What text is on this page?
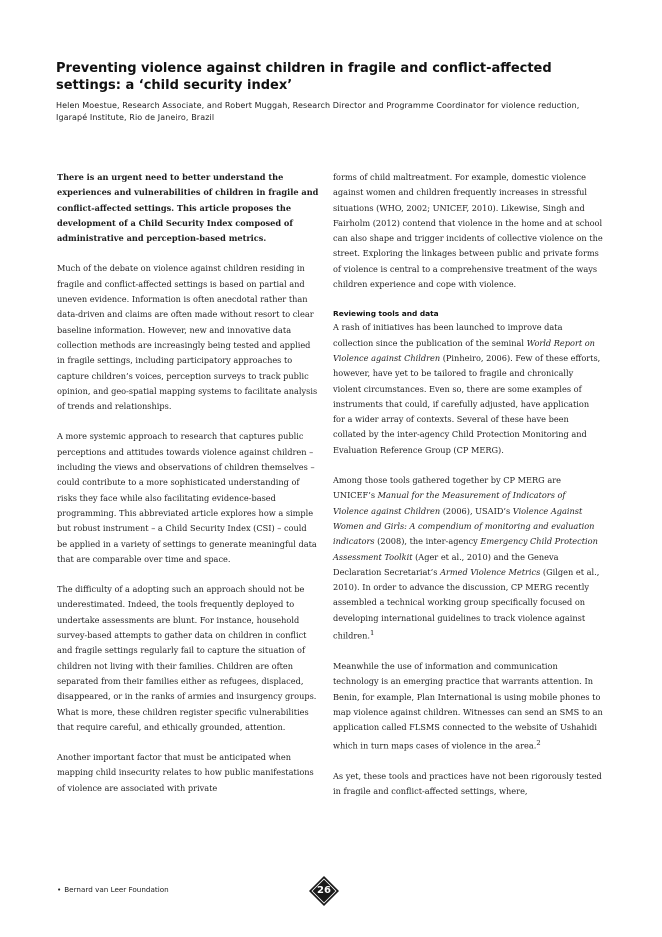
Preventing violence against children in fragile and conflict-affected settings: a ‘child security index’

Helen Moestue, Research Associate, and Robert Muggah, Research Director and Programme Coordinator for violence reduction, Igarapé Institute, Rio de Janeiro, Brazil

There is an urgent need to better understand the experiences and vulnerabilities of children in fragile and conflict-affected settings. This article proposes the development of a Child Security Index composed of administrative and perception-based metrics.

Much of the debate on violence against children residing in fragile and conflict-affected settings is based on partial and uneven evidence. Information is often anecdotal rather than data-driven and claims are often made without resort to clear baseline information. However, new and innovative data collection methods are increasingly being tested and applied in fragile settings, including participatory approaches to capture children’s voices, perception surveys to track public opinion, and geo-spatial mapping systems to facilitate analysis of trends and relationships.

A more systemic approach to research that captures public perceptions and attitudes towards violence against children – including the views and observations of children themselves – could contribute to a more sophisticated understanding of risks they face while also facilitating evidence-based programming. This abbreviated article explores how a simple but robust instrument – a Child Security Index (CSI) – could be applied in a variety of settings to generate meaningful data that are comparable over time and space.

The difficulty of a adopting such an approach should not be underestimated. Indeed, the tools frequently deployed to undertake assessments are blunt. For instance, household survey-based attempts to gather data on children in conflict and fragile settings regularly fail to capture the situation of children not living with their families. Children are often separated from their families either as refugees, displaced, disappeared, or in the ranks of armies and insurgency groups. What is more, these children register specific vulnerabilities that require careful, and ethically grounded, attention.

Another important factor that must be anticipated when mapping child insecurity relates to how public manifestations of violence are associated with private

forms of child maltreatment. For example, domestic violence against women and children frequently increases in stressful situations (WHO, 2002; UNICEF, 2010). Likewise, Singh and Fairholm (2012) contend that violence in the home and at school can also shape and trigger incidents of collective violence on the street. Exploring the linkages between public and private forms of violence is central to a comprehensive treatment of the ways children experience and cope with violence.

Reviewing tools and data

A rash of initiatives has been launched to improve data collection since the publication of the seminal World Report on Violence against Children (Pinheiro, 2006). Few of these efforts, however, have yet to be tailored to fragile and chronically violent circumstances. Even so, there are some examples of instruments that could, if carefully adjusted, have application for a wider array of contexts. Several of these have been collated by the inter-agency Child Protection Monitoring and Evaluation Reference Group (CP MERG).

Among those tools gathered together by CP MERG are UNICEF’s Manual for the Measurement of Indicators of Violence against Children (2006), USAID’s Violence Against Women and Girls: A compendium of monitoring and evaluation indicators (2008), the inter-agency Emergency Child Protection Assessment Toolkit (Ager et al., 2010) and the Geneva Declaration Secretariat’s Armed Violence Metrics (Gilgen et al., 2010). In order to advance the discussion, CP MERG recently assembled a technical working group specifically focused on developing international guidelines to track violence against children.$^1$

Meanwhile the use of information and communication technology is an emerging practice that warrants attention. In Benin, for example, Plan International is using mobile phones to map violence against children. Witnesses can send an SMS to an application called FLSMS connected to the website of Ushahidi which in turn maps cases of violence in the area.$^2$

As yet, these tools and practices have not been rigorously tested in fragile and conflict-affected settings, where,

• Bernard van Leer Foundation	26
